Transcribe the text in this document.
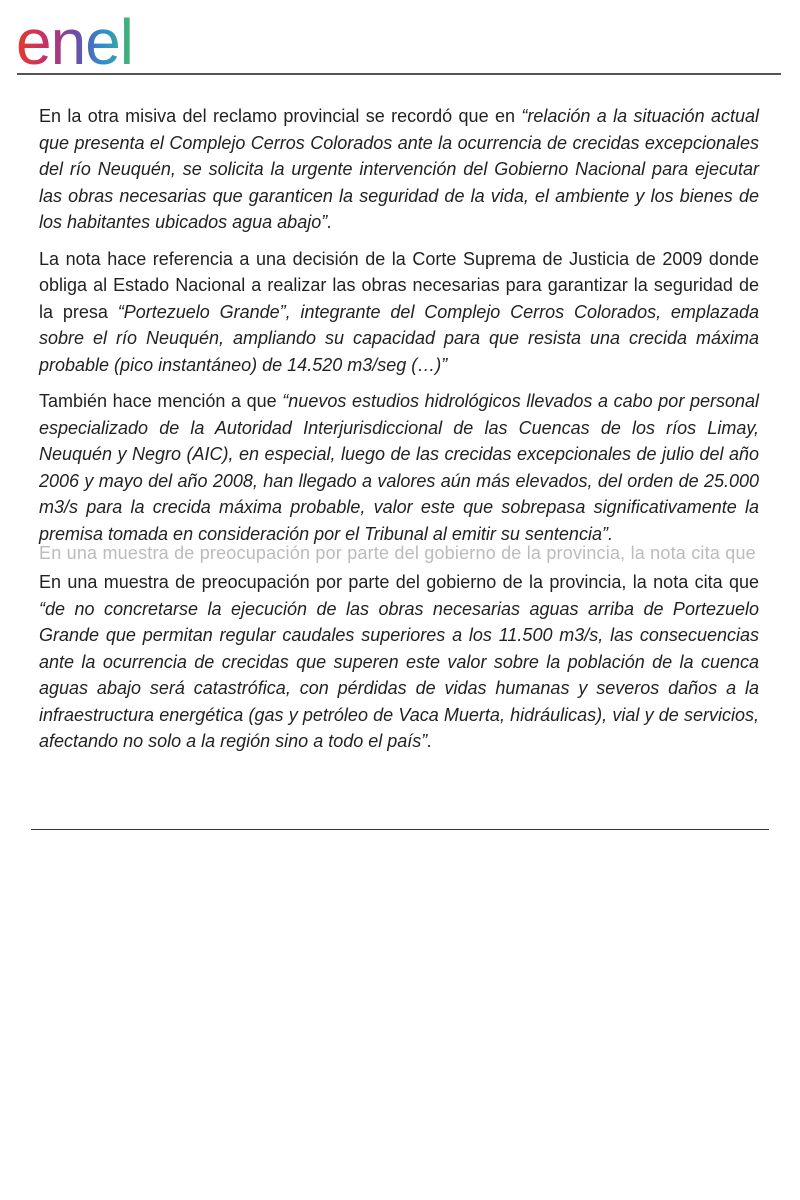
enel

En la otra misiva del reclamo provincial se recordó que en “relación a la situación actual que presenta el Complejo Cerros Colorados ante la ocurrencia de crecidas excepcionales del río Neuquén, se solicita la urgente intervención del Gobierno Nacional para ejecutar las obras necesarias que garanticen la seguridad de la vida, el ambiente y los bienes de los habitantes ubicados agua abajo”.

La nota hace referencia a una decisión de la Corte Suprema de Justicia de 2009 donde obliga al Estado Nacional a realizar las obras necesarias para garantizar la seguridad de la presa “Portezuelo Grande”, integrante del Complejo Cerros Colorados, emplazada sobre el río Neuquén, ampliando su capacidad para que resista una crecida máxima probable (pico instantáneo) de 14.520 m3/seg (…)”

También hace mención a que “nuevos estudios hidrológicos llevados a cabo por personal especializado de la Autoridad Interjurisdiccional de las Cuencas de los ríos Limay, Neuquén y Negro (AIC), en especial, luego de las crecidas excepcionales de julio del año 2006 y mayo del año 2008, han llegado a valores aún más elevados, del orden de 25.000 m3/s para la crecida máxima probable, valor este que sobrepasa significativamente la premisa tomada en consideración por el Tribunal al emitir su sentencia”.

En una muestra de preocupación por parte del gobierno de la provincia, la nota cita que

En una muestra de preocupación por parte del gobierno de la provincia, la nota cita que “de no concretarse la ejecución de las obras necesarias aguas arriba de Portezuelo Grande que permitan regular caudales superiores a los 11.500 m3/s, las consecuencias ante la ocurrencia de crecidas que superen este valor sobre la población de la cuenca aguas abajo será catastrófica, con pérdidas de vidas humanas y severos daños a la infraestructura energética (gas y petróleo de Vaca Muerta, hidráulicas), vial y de servicios, afectando no solo a la región sino a todo el país”.
